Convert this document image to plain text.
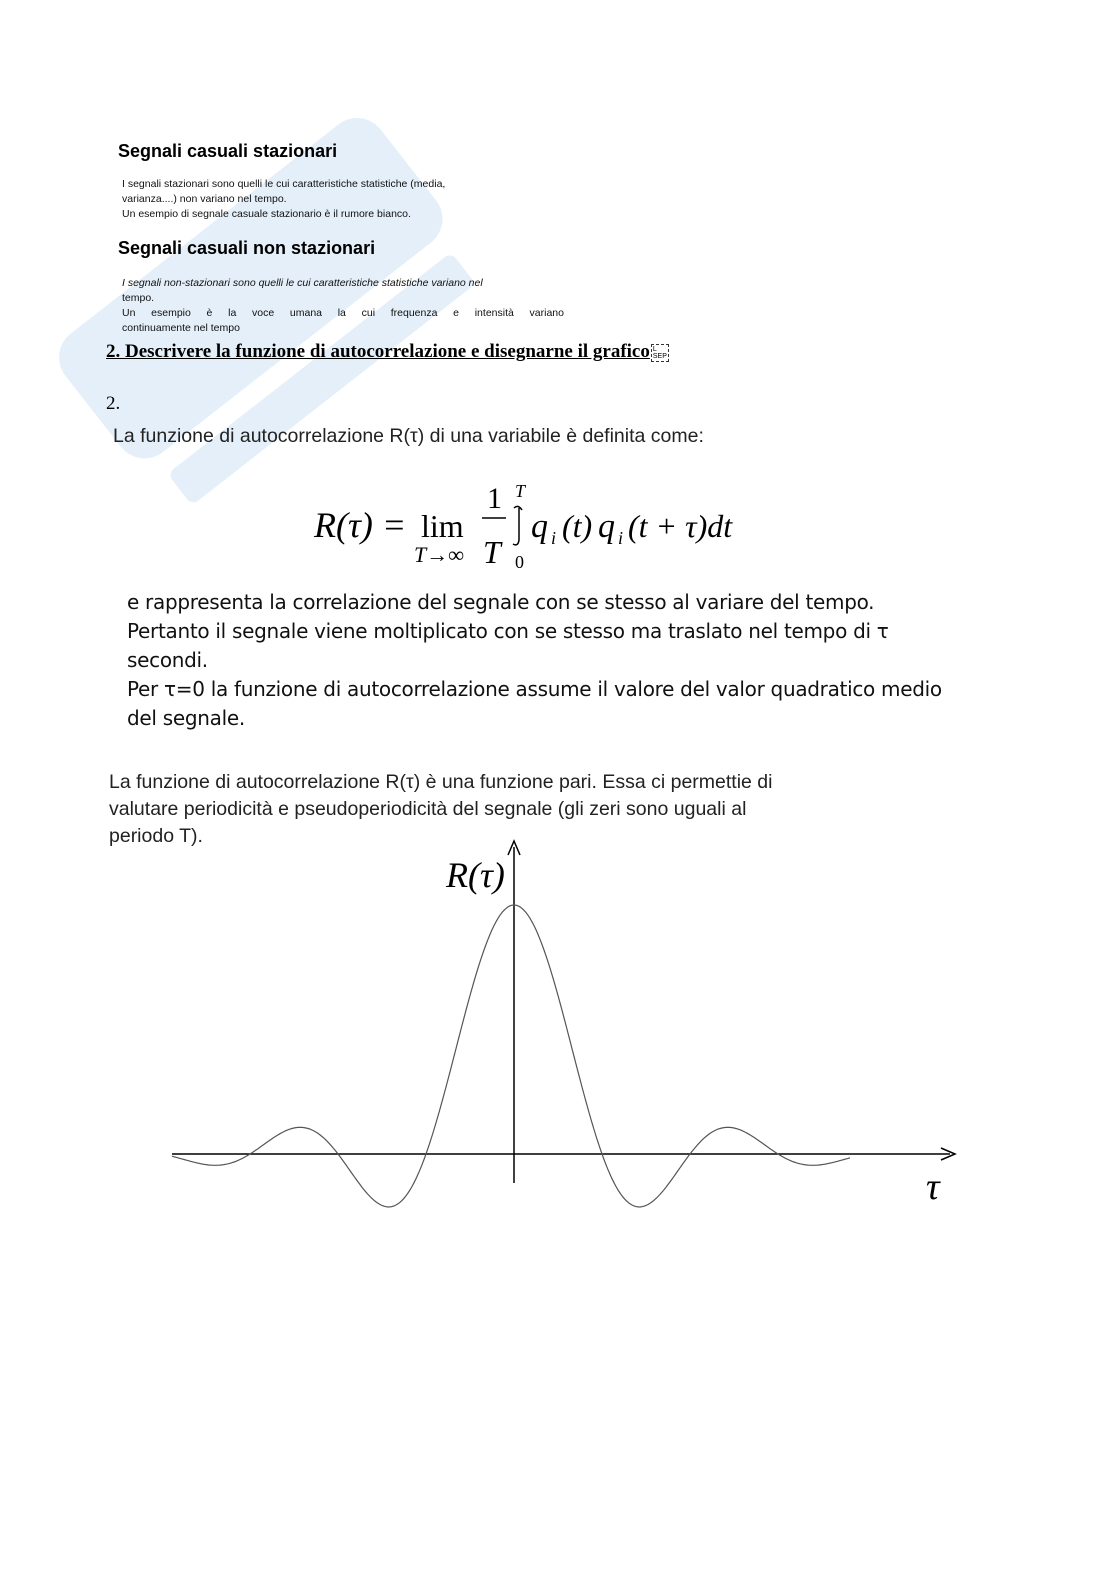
Segnali casuali stazionari

I segnali stazionari sono quelli le cui caratteristiche statistiche (media,

varianza....) non variano nel tempo.

Un esempio di segnale casuale stazionario è il rumore bianco.

Segnali casuali non stazionari

I segnali non-stazionari sono quelli le cui caratteristiche statistiche variano nel

tempo.

Un esempio è la voce umana la cui frequenza e intensità variano

continuamente nel tempo

2. Descrivere la funzione di autocorrelazione e disegnarne il grafico L
SEP
2.
La funzione di autocorrelazione R(τ) di una variabile è definita come:
R(τ) = lim
T→∞
1
T
T
0
q i (t) q i (t + τ)dt

e rappresenta la correlazione del segnale con se stesso al variare del tempo.

Pertanto il segnale viene moltiplicato con se stesso ma traslato nel tempo di τ

secondi.

Per τ=0 la funzione di autocorrelazione assume il valore del valor quadratico medio

del segnale.

La funzione di autocorrelazione R(τ) è una funzione pari. Essa ci permettie di

valutare periodicità e pseudoperiodicità del segnale (gli zeri sono uguali al

periodo T).

R(τ)
τ
